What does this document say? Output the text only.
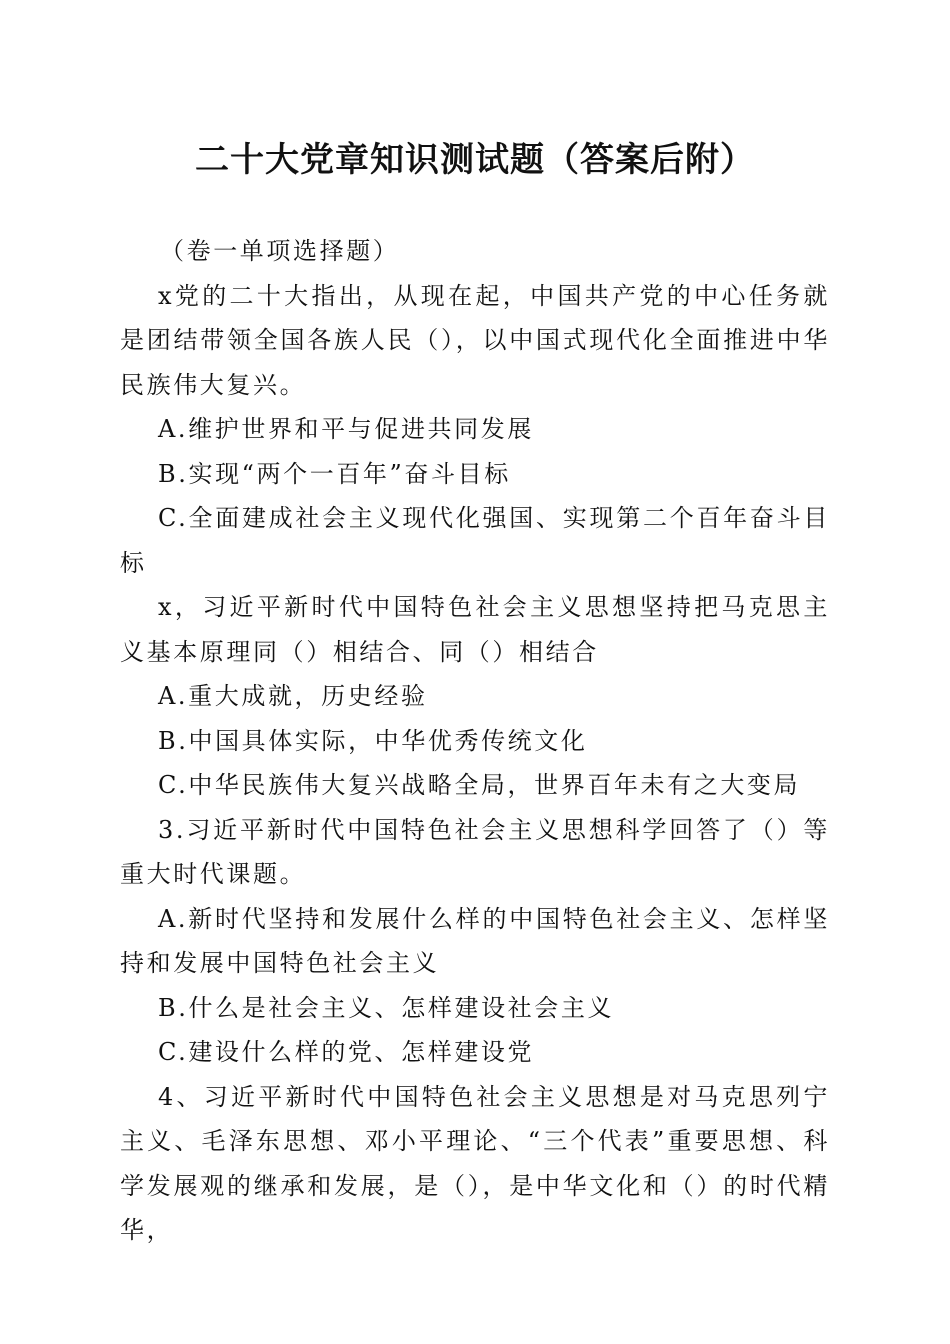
二十大党章知识测试题（答案后附）

（卷一单项选择题）

x党的二十大指出，从现在起，中国共产党的中心任务就是团结带领全国各族人民（），以中国式现代化全面推进中华民族伟大复兴。

A.维护世界和平与促进共同发展

B.实现“两个一百年”奋斗目标

C.全面建成社会主义现代化强国、实现第二个百年奋斗目标

x，习近平新时代中国特色社会主义思想坚持把马克思主义基本原理同（）相结合、同（）相结合

A.重大成就，历史经验

B.中国具体实际，中华优秀传统文化

C.中华民族伟大复兴战略全局，世界百年未有之大变局

3.习近平新时代中国特色社会主义思想科学回答了（）等重大时代课题。

A.新时代坚持和发展什么样的中国特色社会主义、怎样坚持和发展中国特色社会主义

B.什么是社会主义、怎样建设社会主义

C.建设什么样的党、怎样建设党

4、习近平新时代中国特色社会主义思想是对马克思列宁主义、毛泽东思想、邓小平理论、“三个代表”重要思想、科学发展观的继承和发展，是（），是中华文化和（）的时代精华，
